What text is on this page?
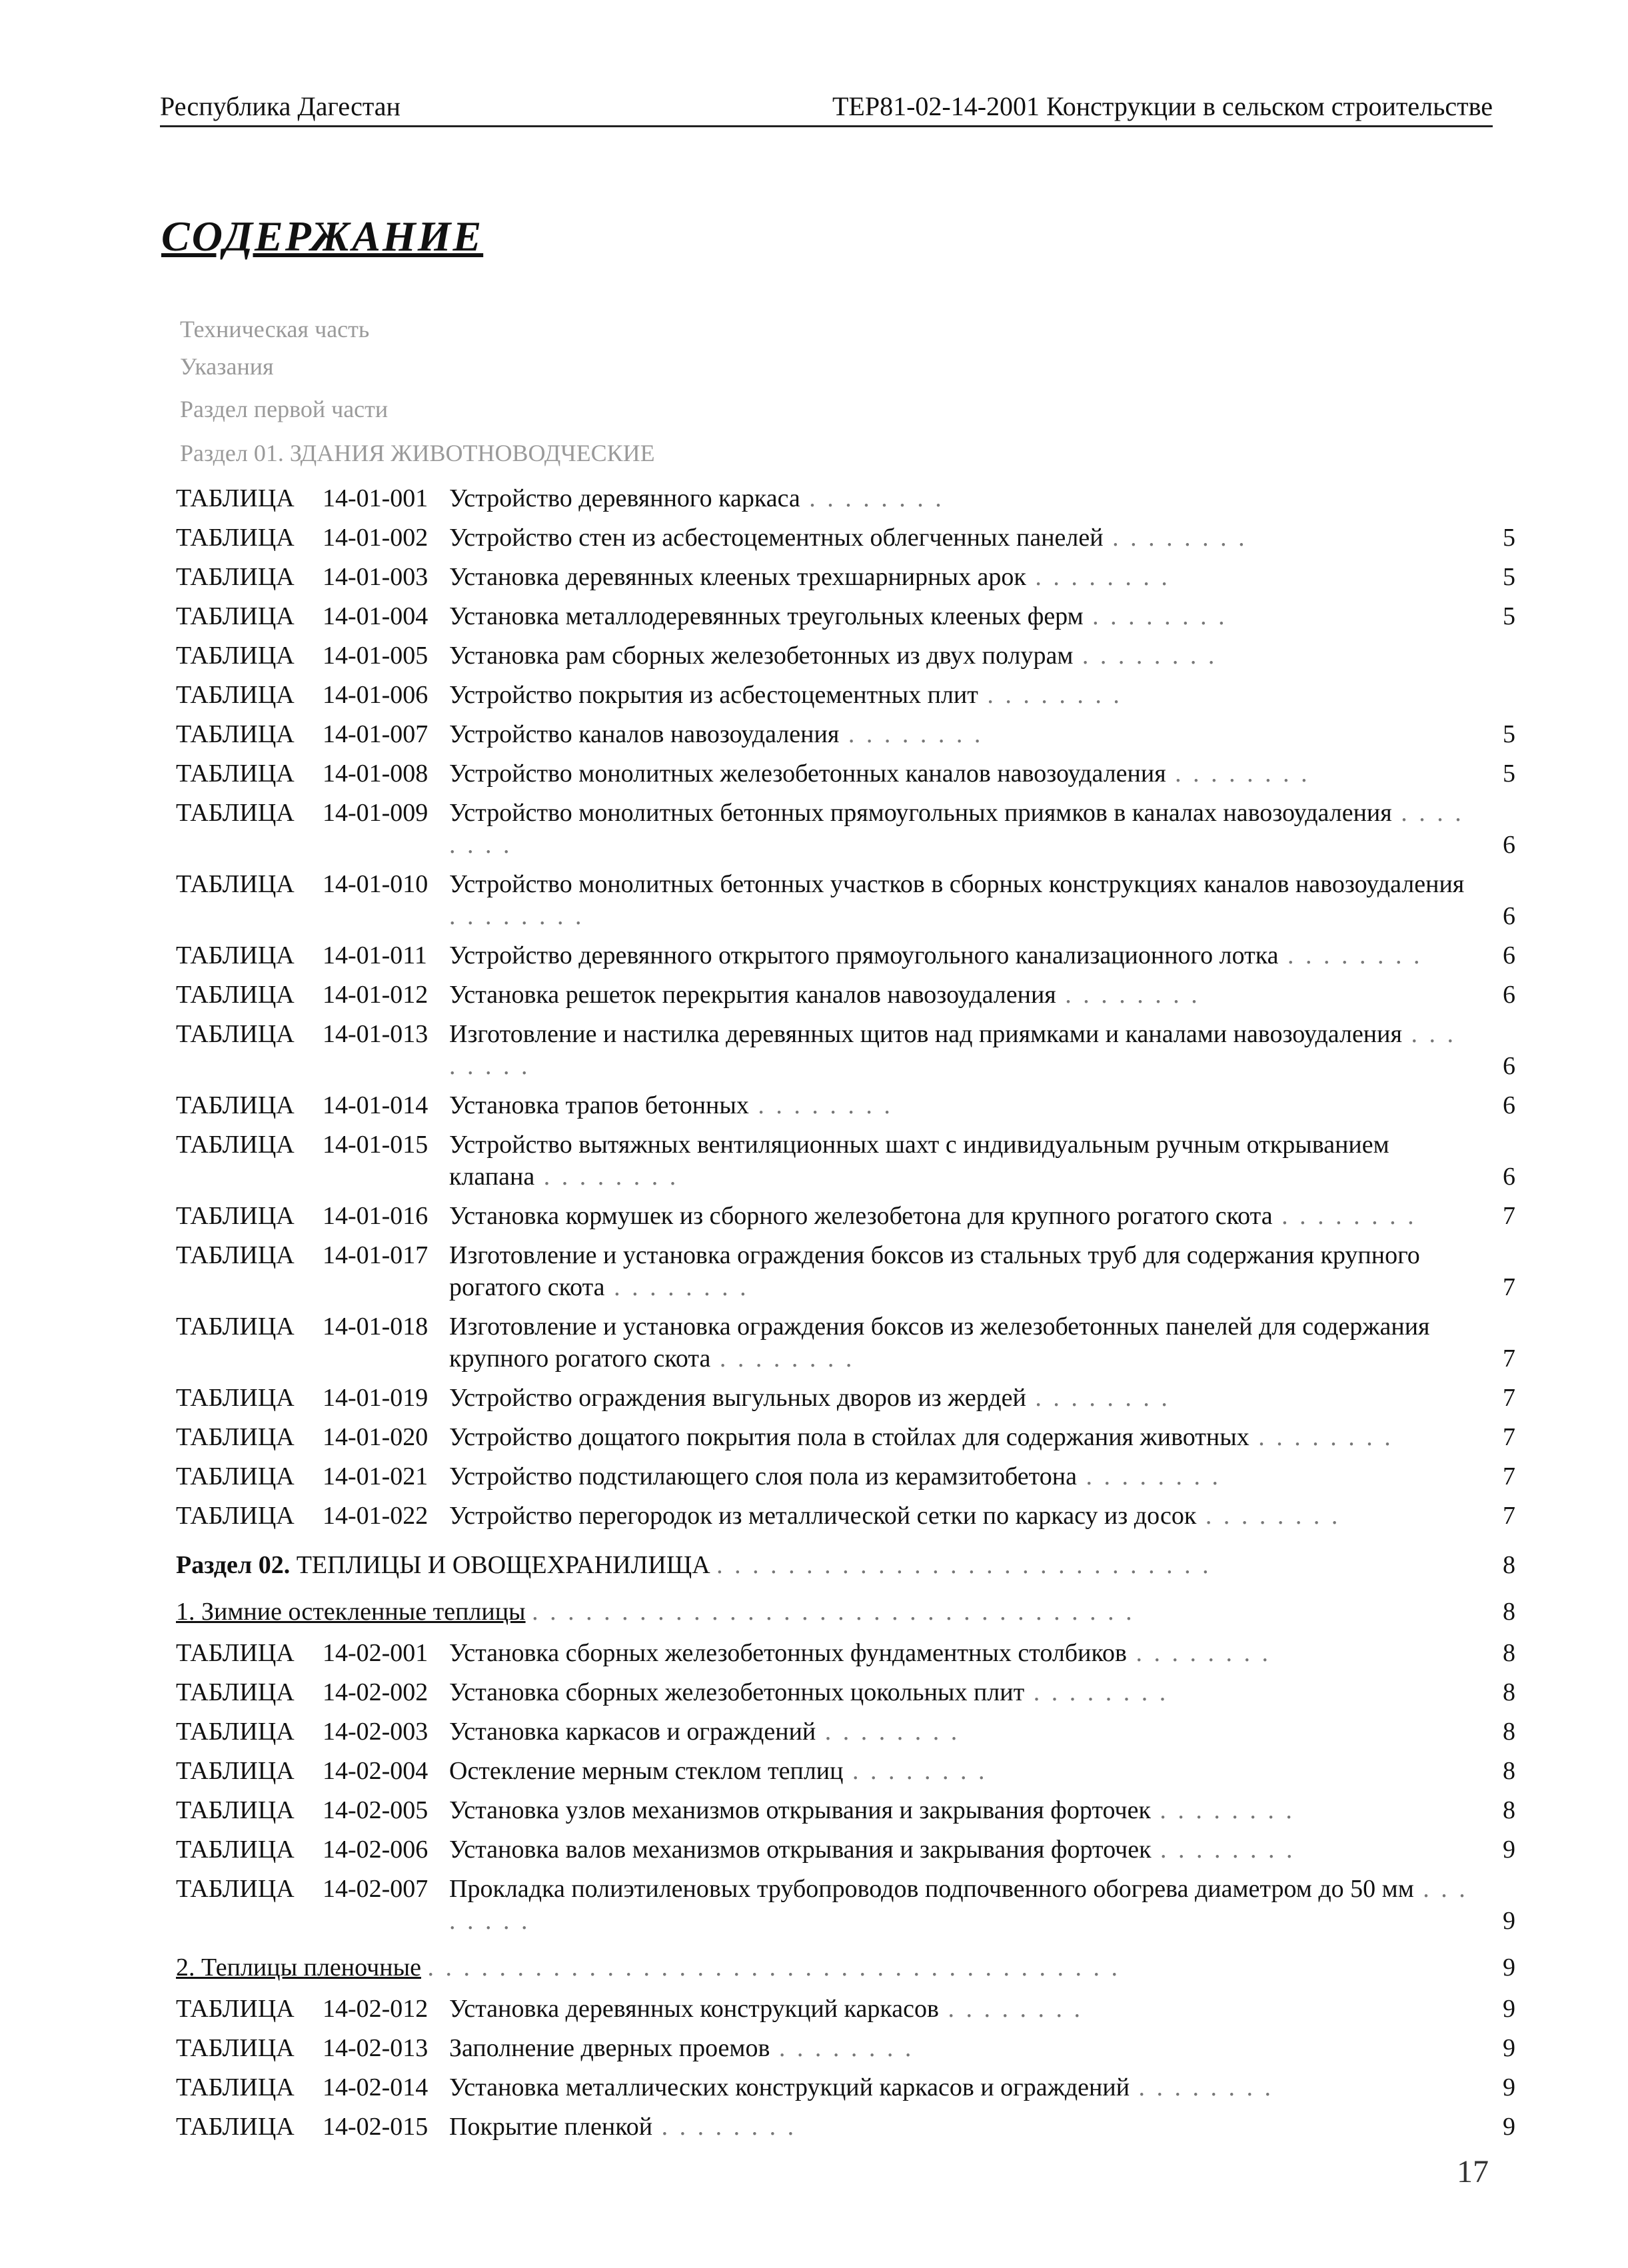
Республика Дагестан	ТЕР81-02-14-2001 Конструкции в сельском строительстве
СОДЕРЖАНИЕ
Техническая часть
Указания
Раздел первой части
Раздел 01. ЗДАНИЯ ЖИВОТНОВОДЧЕСКИЕ
ТАБЛИЦА	14-01-001 Устройство деревянного каркаса . . . . . . . .
ТАБЛИЦА	14-01-002 Устройство стен из асбестоцементных облегченных панелей . . . . . . . .	5
ТАБЛИЦА	14-01-003 Установка деревянных клееных трехшарнирных арок . . . . . . . .	5
ТАБЛИЦА	14-01-004 Установка металлодеревянных треугольных клееных ферм . . . . . . . .	5
ТАБЛИЦА	14-01-005 Установка рам сборных железобетонных из двух полурам . . . . . . . .
ТАБЛИЦА	14-01-006 Устройство покрытия из асбестоцементных плит . . . . . . . .
ТАБЛИЦА	14-01-007 Устройство каналов навозоудаления . . . . . . . .	5
ТАБЛИЦА	14-01-008 Устройство монолитных железобетонных каналов навозоудаления . . . . . . . .	5
ТАБЛИЦА	14-01-009 Устройство монолитных бетонных прямоугольных приямков в каналах навозоудаления . . . . . . . .	6
ТАБЛИЦА	14-01-010 Устройство монолитных бетонных участков в сборных конструкциях каналов навозоудаления . . . . . . . .	6
ТАБЛИЦА	14-01-011 Устройство деревянного открытого прямоугольного канализационного лотка . . . . . . . .	6
ТАБЛИЦА	14-01-012 Установка решеток перекрытия каналов навозоудаления . . . . . . . .	6
ТАБЛИЦА	14-01-013 Изготовление и настилка деревянных щитов над приямками и каналами навозоудаления . . . . . . . .	6
ТАБЛИЦА	14-01-014 Установка трапов бетонных . . . . . . . .	6
ТАБЛИЦА	14-01-015 Устройство вытяжных вентиляционных шахт с индивидуальным ручным открыванием клапана . . . . . . . .	6
ТАБЛИЦА	14-01-016 Установка кормушек из сборного железобетона для крупного рогатого скота . . . . . . . .	7
ТАБЛИЦА	14-01-017 Изготовление и установка ограждения боксов из стальных труб для содержания крупного рогатого скота . . . . . . . .	7
ТАБЛИЦА	14-01-018 Изготовление и установка ограждения боксов из железобетонных панелей для содержания крупного рогатого скота . . . . . . . .	7
ТАБЛИЦА	14-01-019 Устройство ограждения выгульных дворов из жердей . . . . . . . .	7
ТАБЛИЦА	14-01-020 Устройство дощатого покрытия пола в стойлах для содержания животных . . . . . . . .	7
ТАБЛИЦА	14-01-021 Устройство подстилающего слоя пола из керамзитобетона . . . . . . . .	7
ТАБЛИЦА	14-01-022 Устройство перегородок из металлической сетки по каркасу из досок . . . . . . . .	7
Раздел 02. ТЕПЛИЦЫ И ОВОЩЕХРАНИЛИЩА . . . . . . . . . . . . . . . . . . . . . . . . . . . .	8
1. Зимние остекленные теплицы . . . . . . . . . . . . . . . . . . . . . . . . . . . . . . . . . .	8
ТАБЛИЦА	14-02-001 Установка сборных железобетонных фундаментных столбиков . . . . . . . .	8
ТАБЛИЦА	14-02-002 Установка сборных железобетонных цокольных плит . . . . . . . .	8
ТАБЛИЦА	14-02-003 Установка каркасов и ограждений . . . . . . . .	8
ТАБЛИЦА	14-02-004 Остекление мерным стеклом теплиц . . . . . . . .	8
ТАБЛИЦА	14-02-005 Установка узлов механизмов открывания и закрывания форточек . . . . . . . .	8
ТАБЛИЦА	14-02-006 Установка валов механизмов открывания и закрывания форточек . . . . . . . .	9
ТАБЛИЦА	14-02-007 Прокладка полиэтиленовых трубопроводов подпочвенного обогрева диаметром до 50 мм . . . . . . . .	9
2. Теплицы пленочные . . . . . . . . . . . . . . . . . . . . . . . . . . . . . . . . . . . . . . .	9
ТАБЛИЦА	14-02-012 Установка деревянных конструкций каркасов . . . . . . . .	9
ТАБЛИЦА	14-02-013 Заполнение дверных проемов . . . . . . . .	9
ТАБЛИЦА	14-02-014 Установка металлических конструкций каркасов и ограждений . . . . . . . .	9
ТАБЛИЦА	14-02-015 Покрытие пленкой . . . . . . . .	9
17
